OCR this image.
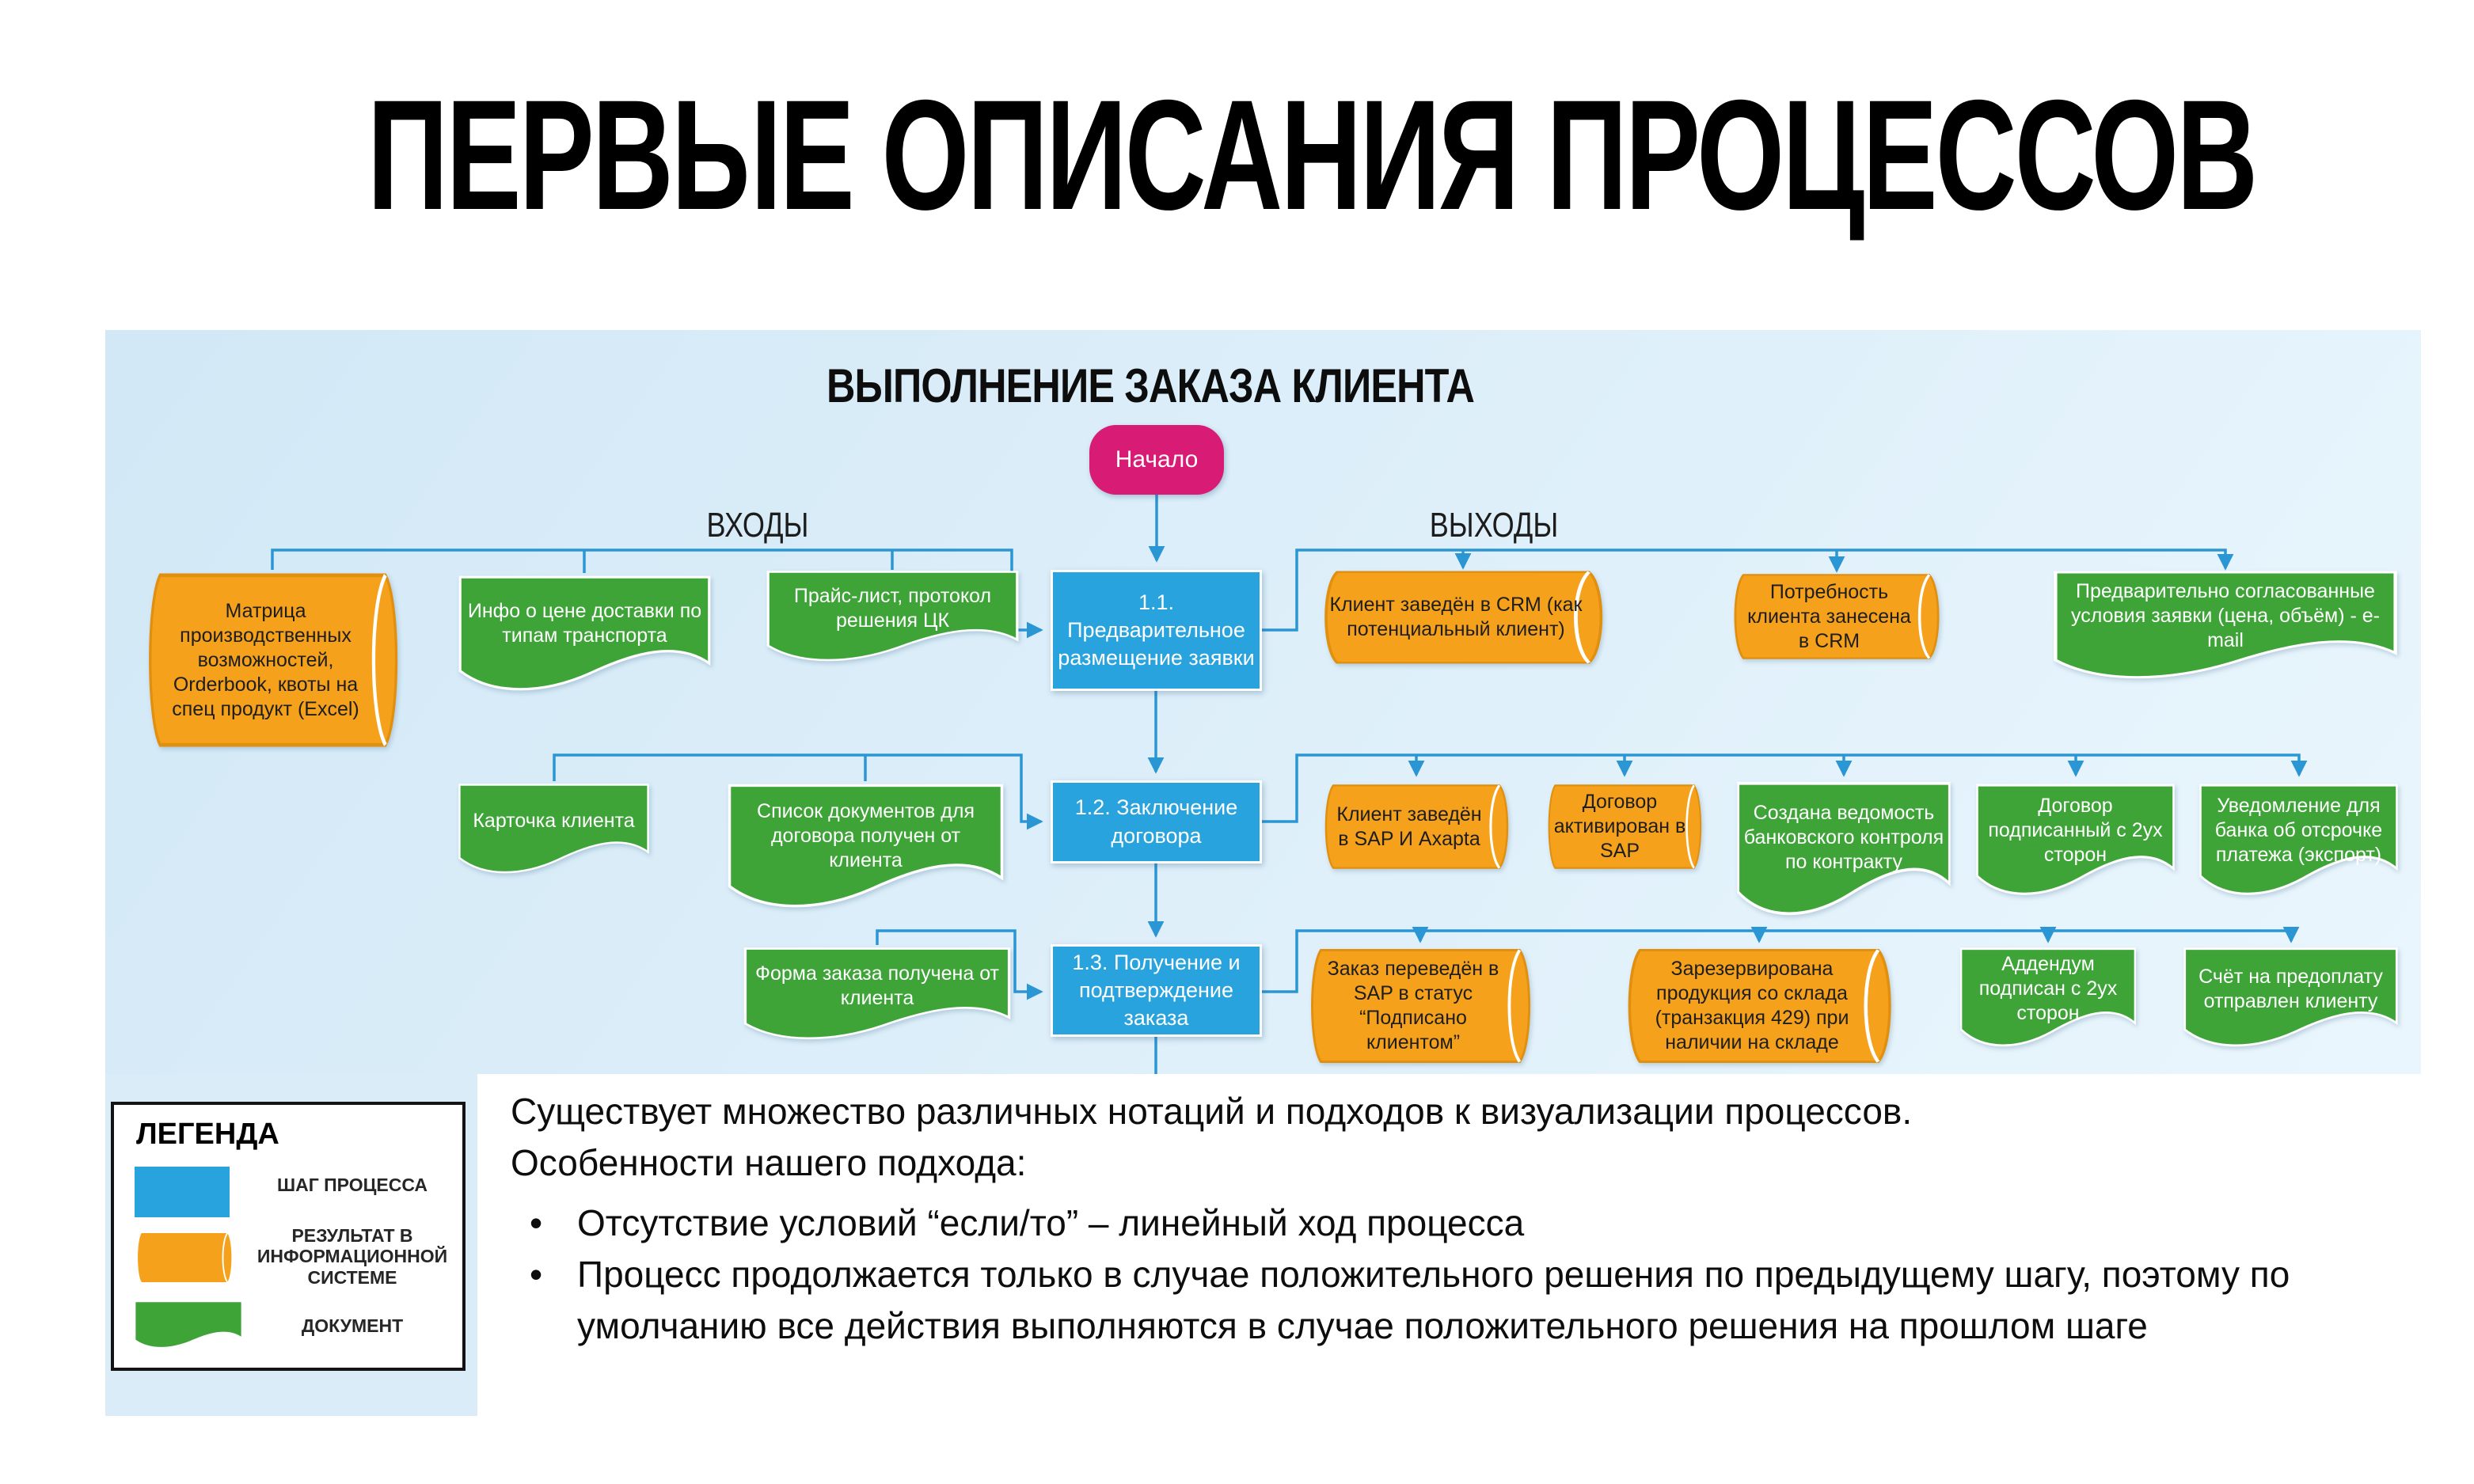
ПЕРВЫЕ ОПИСАНИЯ ПРОЦЕССОВ
ВЫПОЛНЕНИЕ ЗАКАЗА КЛИЕНТА
Начало
ВХОДЫ	ВЫХОДЫ
Матрица производственных возможностей, Orderbook, квоты на спец продукт (Excel)
Инфо о цене доставки по типам транспорта
Прайс-лист, протокол решения ЦК
1.1. Предварительное размещение заявки
Клиент заведён в CRM (как потенциальный клиент)
Потребность клиента занесена в CRM
Предварительно согласованные условия заявки (цена, объём) - e-mail
Карточка клиента	Список документов для договора получен от клиента
1.2. Заключение договора
Клиент заведён в SAP И Axapta
Договор активирован в SAP
Создана ведомость банковского контроля по контракту
Договор подписанный с 2ух сторон
Уведомление для банка об отсрочке платежа (экспорт)
Форма заказа получена от клиента
1.3. Получение и подтверждение заказа
Заказ переведён в SAP в статус “Подписано клиентом”
Зарезервирована продукция со склада (транзакция 429) при наличии на складе
Аддендум подписан с 2ух сторон
Счёт на предоплату отправлен клиенту
ЛЕГЕНДА
ШАГ ПРОЦЕССА
РЕЗУЛЬТАТ В ИНФОРМАЦИОННОЙ СИСТЕМЕ
ДОКУМЕНТ

Существует множество различных нотаций и подходов к визуализации процессов.

Особенности нашего подхода:

• Отсутствие условий “если/то” – линейный ход процесса
• Процесс продолжается только в случае положительного решения по предыдущему шагу, поэтому по умолчанию все действия выполняются в случае положительного решения на прошлом шаге
